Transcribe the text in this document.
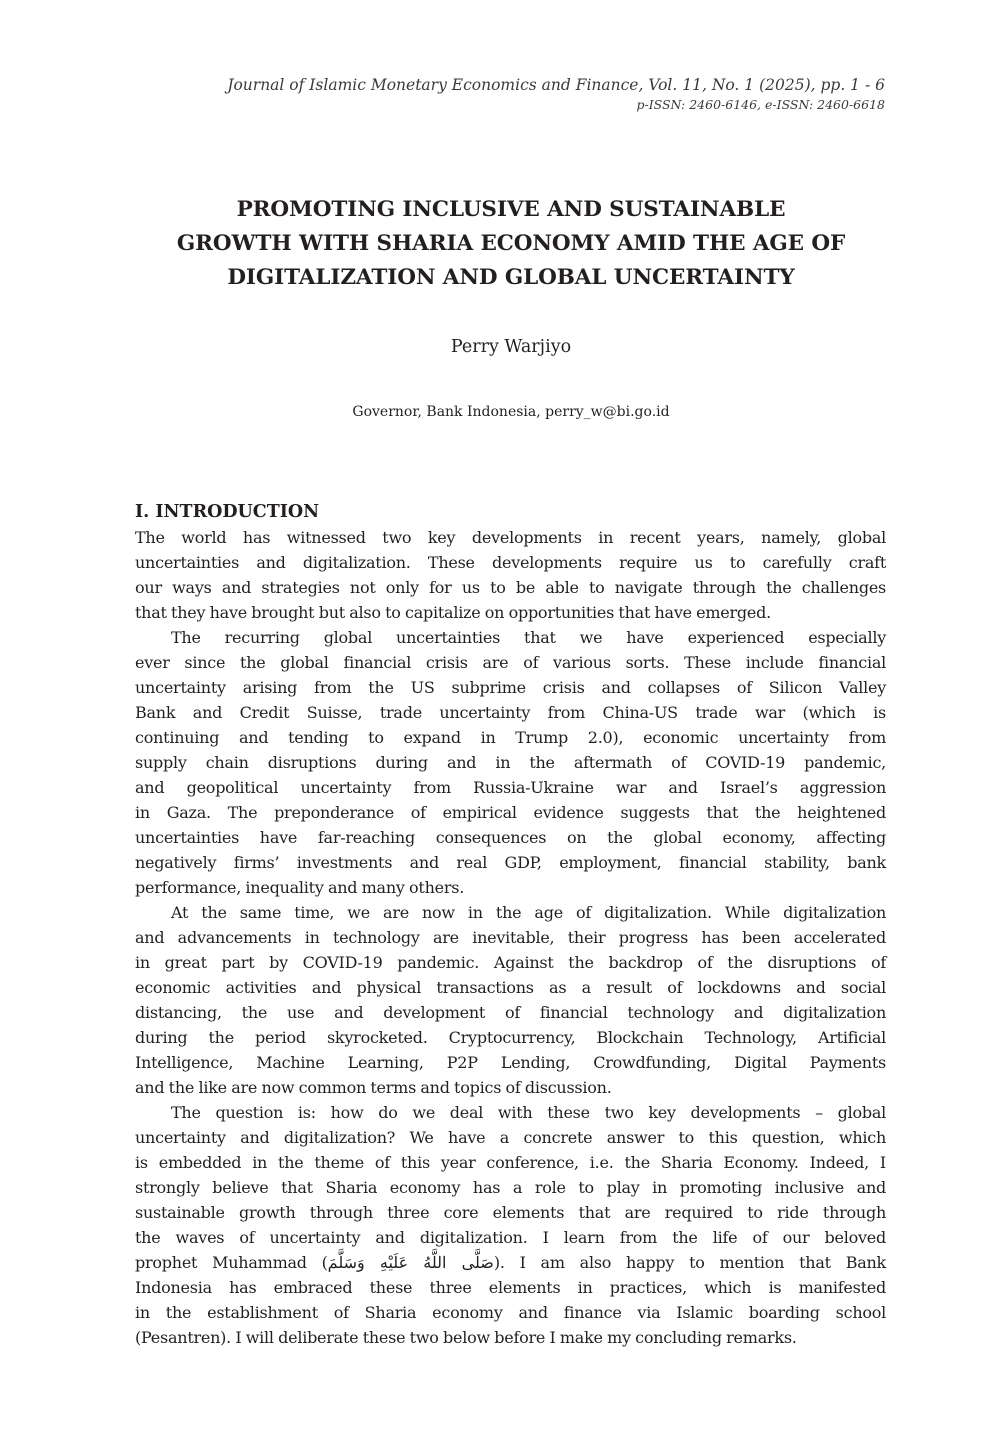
Journal of Islamic Monetary Economics and Finance, Vol. 11, No. 1 (2025), pp. 1 - 6
p-ISSN: 2460-6146, e-ISSN: 2460-6618
PROMOTING INCLUSIVE AND SUSTAINABLE
GROWTH WITH SHARIA ECONOMY AMID THE AGE OF
DIGITALIZATION AND GLOBAL UNCERTAINTY
Perry Warjiyo
Governor, Bank Indonesia, perry_w@bi.go.id
I. INTRODUCTION
The world has witnessed two key developments in recent years, namely, global
uncertainties and digitalization. These developments require us to carefully craft
our ways and strategies not only for us to be able to navigate through the challenges
that they have brought but also to capitalize on opportunities that have emerged.
The recurring global uncertainties that we have experienced especially
ever since the global financial crisis are of various sorts. These include financial
uncertainty arising from the US subprime crisis and collapses of Silicon Valley
Bank and Credit Suisse, trade uncertainty from China-US trade war (which is
continuing and tending to expand in Trump 2.0), economic uncertainty from
supply chain disruptions during and in the aftermath of COVID-19 pandemic,
and geopolitical uncertainty from Russia-Ukraine war and Israel’s aggression
in Gaza. The preponderance of empirical evidence suggests that the heightened
uncertainties have far-reaching consequences on the global economy, affecting
negatively firms’ investments and real GDP, employment, financial stability, bank
performance, inequality and many others.
At the same time, we are now in the age of digitalization. While digitalization
and advancements in technology are inevitable, their progress has been accelerated
in great part by COVID-19 pandemic. Against the backdrop of the disruptions of
economic activities and physical transactions as a result of lockdowns and social
distancing, the use and development of financial technology and digitalization
during the period skyrocketed. Cryptocurrency, Blockchain Technology, Artificial
Intelligence, Machine Learning, P2P Lending, Crowdfunding, Digital Payments
and the like are now common terms and topics of discussion.
The question is: how do we deal with these two key developments – global
uncertainty and digitalization? We have a concrete answer to this question, which
is embedded in the theme of this year conference, i.e. the Sharia Economy. Indeed, I
strongly believe that Sharia economy has a role to play in promoting inclusive and
sustainable growth through three core elements that are required to ride through
the waves of uncertainty and digitalization. I learn from the life of our beloved
prophet Muhammad (صَلَّى اللَّهُ عَلَيْهِ وَسَلَّمَ). I am also happy to mention that Bank
Indonesia has embraced these three elements in practices, which is manifested
in the establishment of Sharia economy and finance via Islamic boarding school
(Pesantren). I will deliberate these two below before I make my concluding remarks.
